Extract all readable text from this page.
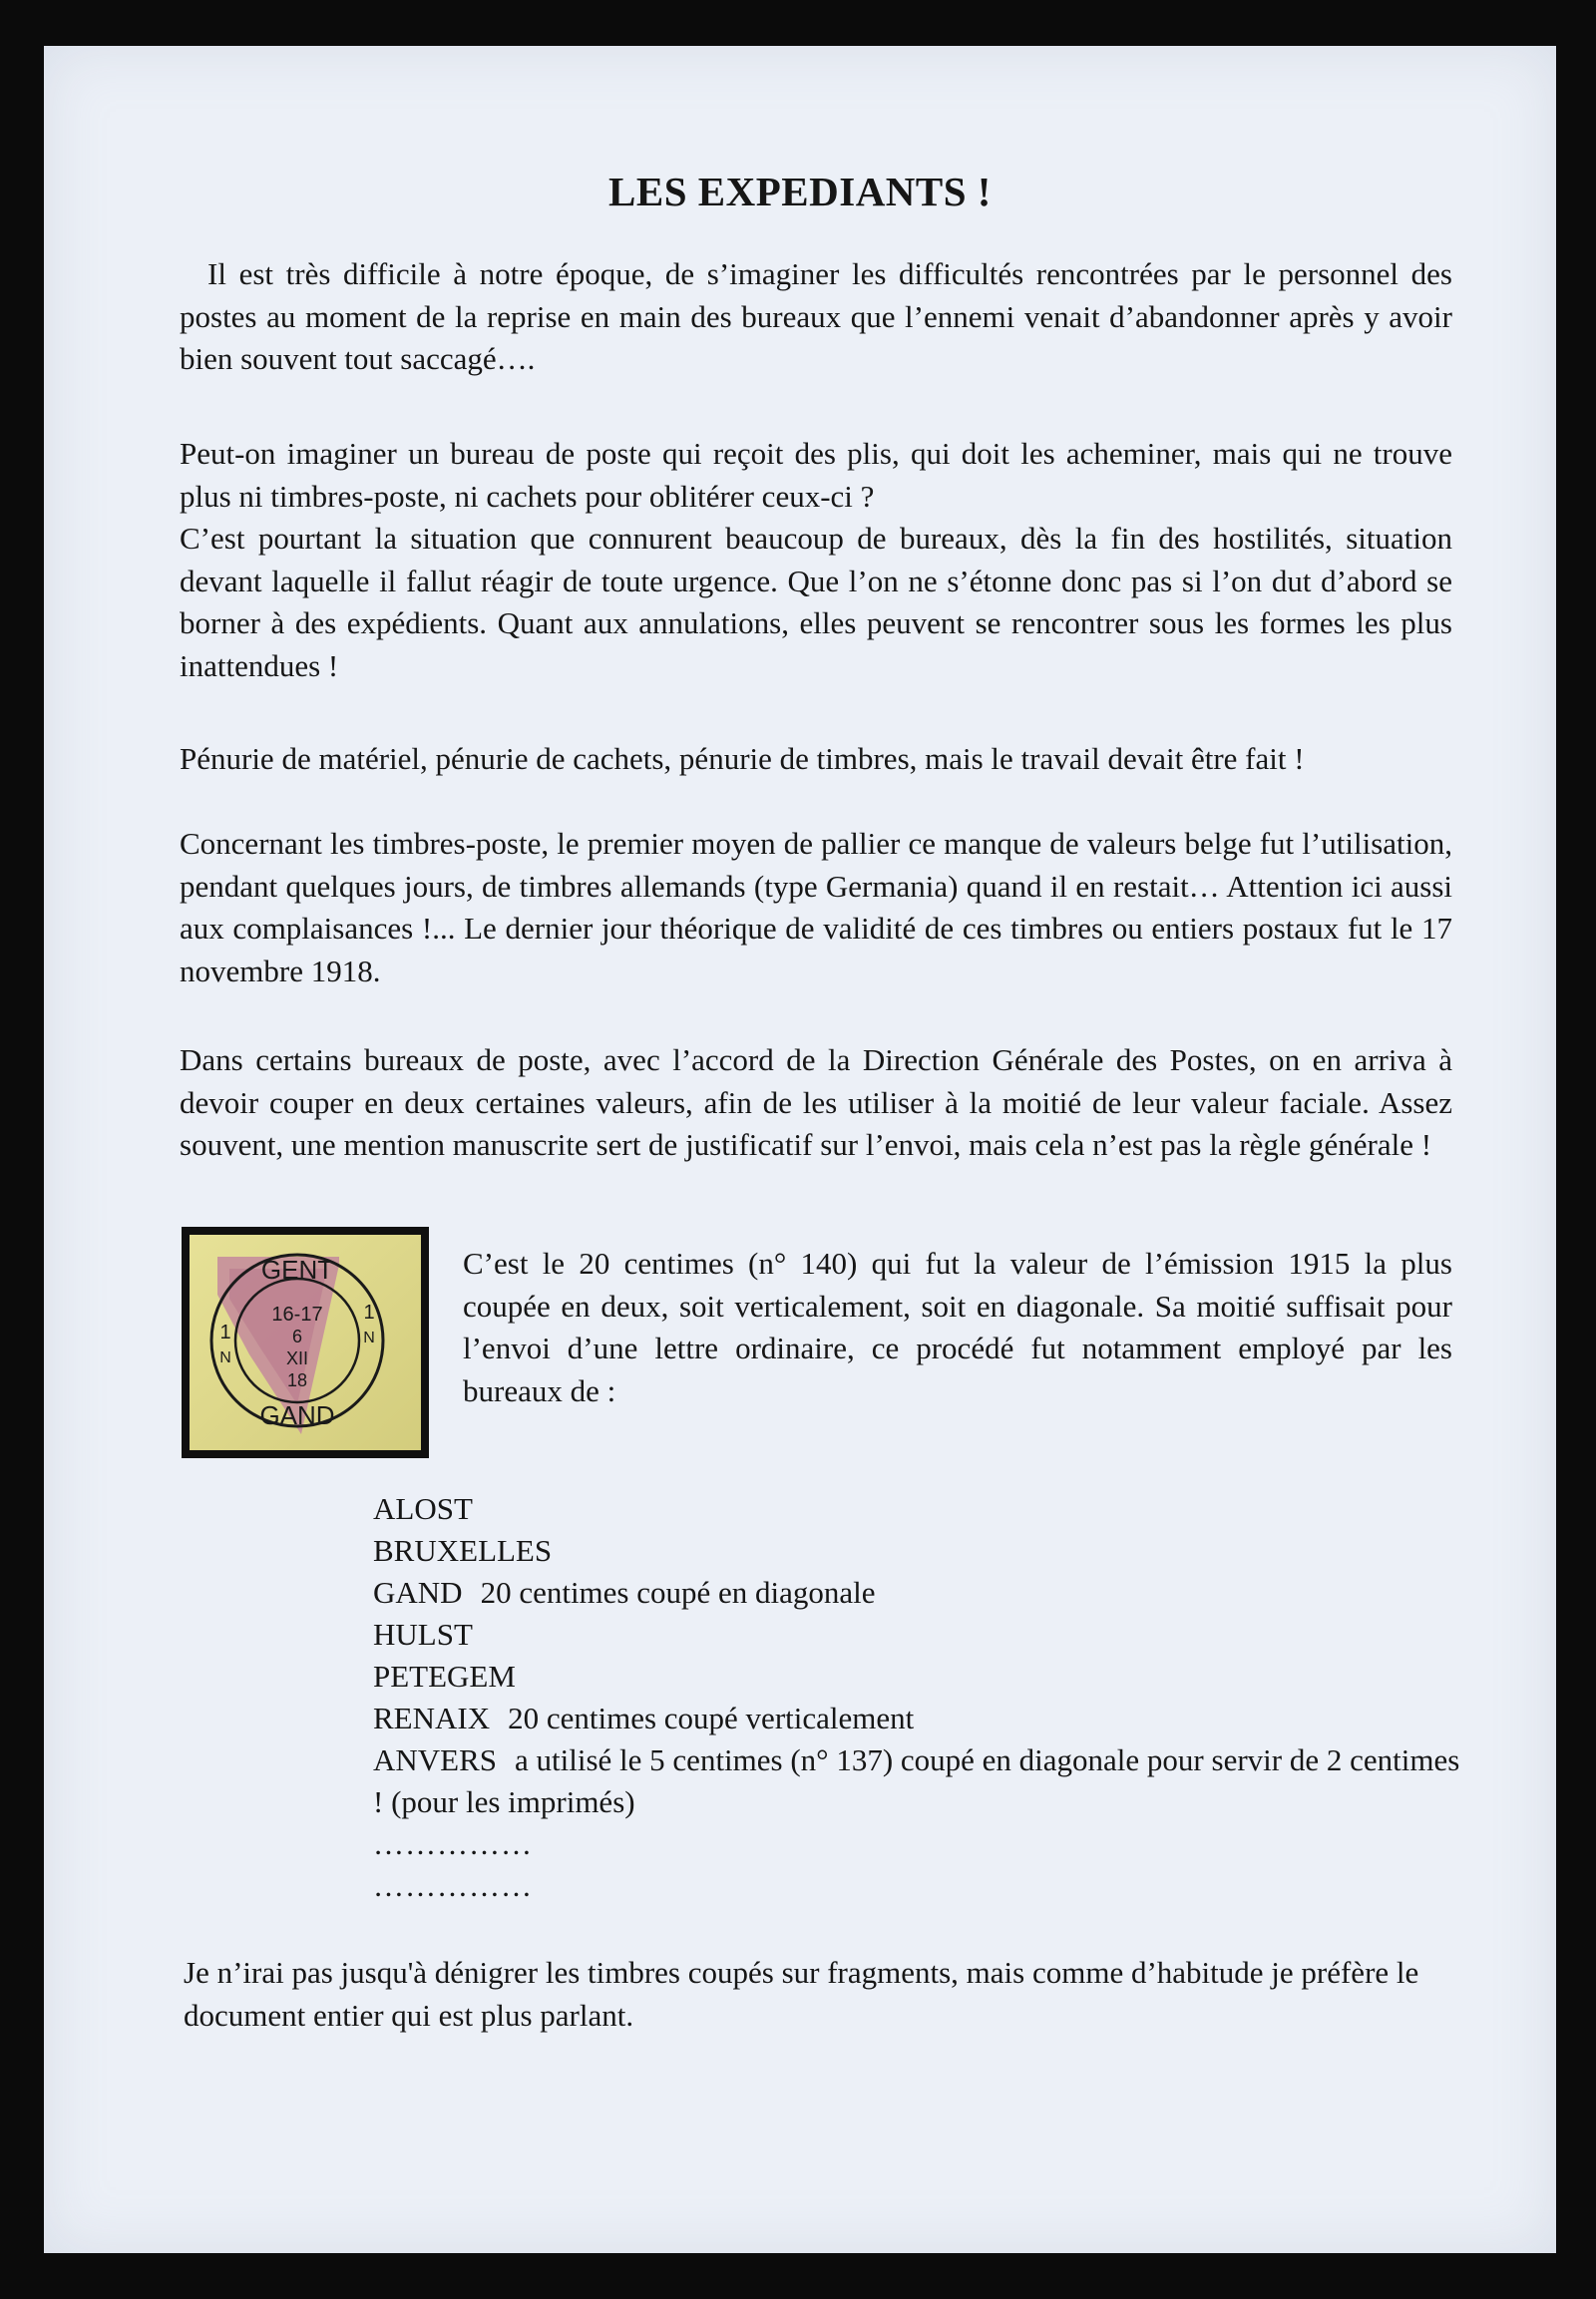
LES EXPEDIANTS !

Il est très difficile à notre époque, de s’imaginer les difficultés rencontrées par le personnel des postes au moment de la reprise en main des bureaux que l’ennemi venait d’abandonner après y avoir bien souvent tout saccagé….

Peut-on imaginer un bureau de poste qui reçoit des plis, qui doit les acheminer, mais qui ne trouve plus ni timbres-poste, ni cachets pour oblitérer ceux-ci ?

C’est pourtant la situation que connurent beaucoup de bureaux, dès la fin des hostilités, situation devant laquelle il fallut réagir de toute urgence. Que l’on ne s’étonne donc pas si l’on dut d’abord se borner à des expédients. Quant aux annulations, elles peuvent se rencontrer sous les formes les plus inattendues !

Pénurie de matériel, pénurie de cachets, pénurie de timbres, mais le travail devait être fait !

Concernant les timbres-poste, le premier moyen de pallier ce manque de valeurs belge fut l’utilisation, pendant quelques jours, de timbres allemands (type Germania) quand il en restait… Attention ici aussi aux complaisances !... Le dernier jour théorique de validité de ces timbres ou entiers postaux fut le 17 novembre 1918.

Dans certains bureaux de poste, avec l’accord de la Direction Générale des Postes, on en arriva à devoir couper en deux certaines valeurs, afin de les utiliser à la moitié de leur valeur faciale. Assez souvent, une mention manuscrite sert de justificatif sur l’envoi, mais cela n’est pas la règle générale !

GENT
GAND
16-17
6
XII
18
1
N
1
N

C’est le 20 centimes (n° 140) qui fut la valeur de l’émission 1915 la plus coupée en deux, soit verticalement, soit en diagonale. Sa moitié suffisait pour l’envoi d’une lettre ordinaire, ce procédé fut notamment employé par les bureaux de :

ALOST
BRUXELLES
GAND 20 centimes coupé en diagonale
HULST
PETEGEM
RENAIX 20 centimes coupé verticalement
ANVERS a utilisé le 5 centimes (n° 137) coupé en diagonale pour servir de 2 centimes ! (pour les imprimés)
……………
……………

Je n’irai pas jusqu'à dénigrer les timbres coupés sur fragments, mais comme d’habitude je préfère le document entier qui est plus parlant.
